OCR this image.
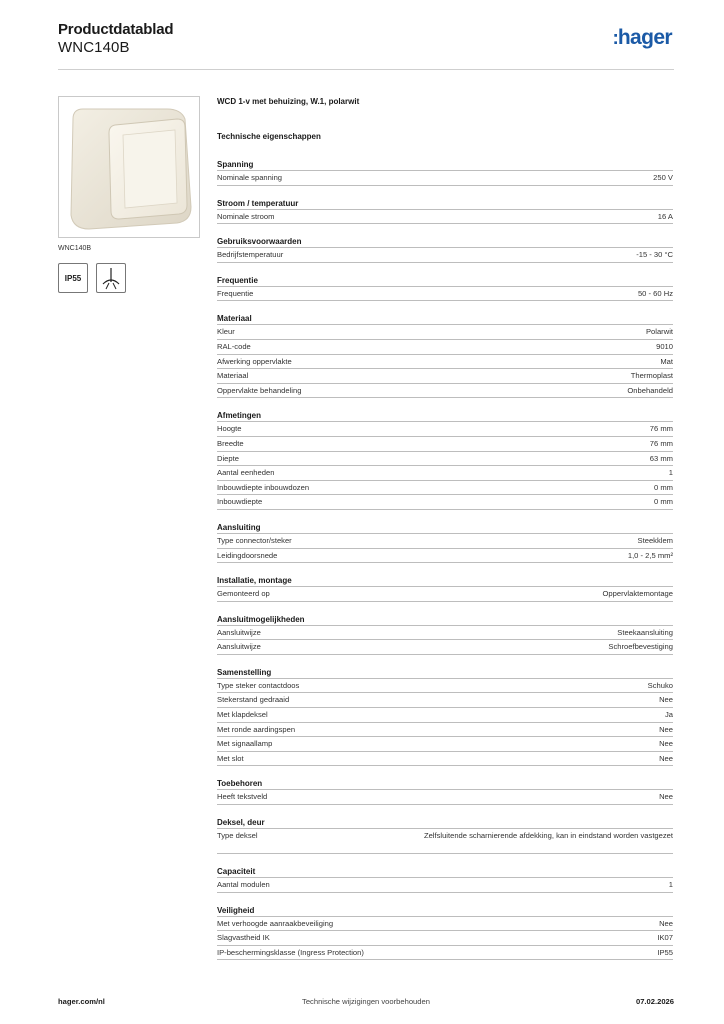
Productdatablad
WNC140B	:hager
WNC140B
IP55
WCD 1-v met behuizing, W.1, polarwit
Technische eigenschappen
Spanning
Nominale spanning	250 V
Stroom / temperatuur
Nominale stroom	16 A
Gebruiksvoorwaarden
Bedrijfstemperatuur	-15 - 30 °C
Frequentie
Frequentie	50 - 60 Hz
Materiaal
Kleur	Polarwit
RAL-code	9010
Afwerking oppervlakte	Mat
Materiaal	Thermoplast
Oppervlakte behandeling	Onbehandeld
Afmetingen
Hoogte	76 mm
Breedte	76 mm
Diepte	63 mm
Aantal eenheden	1
Inbouwdiepte inbouwdozen	0 mm
Inbouwdiepte	0 mm
Aansluiting
Type connector/steker	Steekklem
Leidingdoorsnede	1,0 - 2,5 mm²
Installatie, montage
Gemonteerd op	Oppervlaktemontage
Aansluitmogelijkheden
Aansluitwijze	Steekaansluiting
Aansluitwijze	Schroefbevestiging
Samenstelling
Type steker contactdoos	Schuko
Stekerstand gedraaid	Nee
Met klapdeksel	Ja
Met ronde aardingspen	Nee
Met signaallamp	Nee
Met slot	Nee
Toebehoren
Heeft tekstveld	Nee
Deksel, deur
Type deksel	Zelfsluitende scharnierende afdekking, kan in eindstand worden vastgezet
Capaciteit
Aantal modulen	1
Veiligheid
Met verhoogde aanraakbeveiliging	Nee
Slagvastheid IK	IK07
IP-beschermingsklasse (Ingress Protection)	IP55
Technische wijzigingen voorbehouden
hager.com/nl	07.02.2026
